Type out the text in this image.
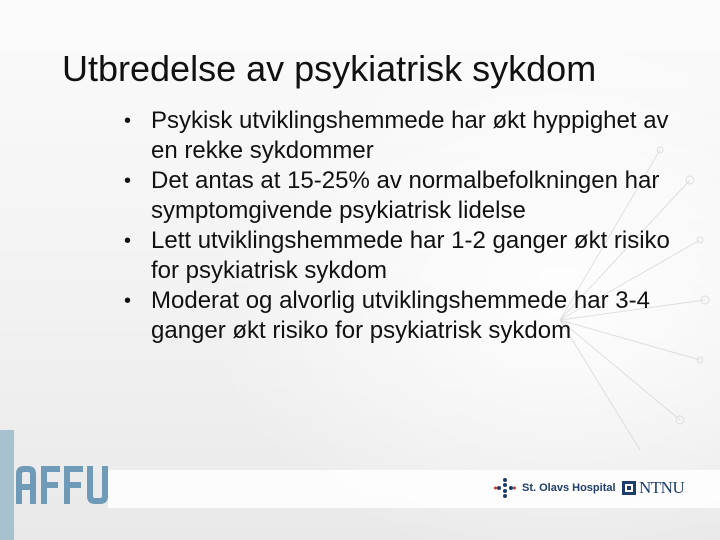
Utbredelse av psykiatrisk sykdom
• Psykisk utviklingshemmede har økt hyppighet av en rekke sykdommer
• Det antas at 15-25% av normalbefolkningen har symptomgivende psykiatrisk lidelse
• Lett utviklingshemmede har 1-2 ganger økt risiko for psykiatrisk sykdom
• Moderat og alvorlig utviklingshemmede har 3-4 ganger økt risiko for psykiatrisk sykdom
St. Olavs Hospital NTNU
